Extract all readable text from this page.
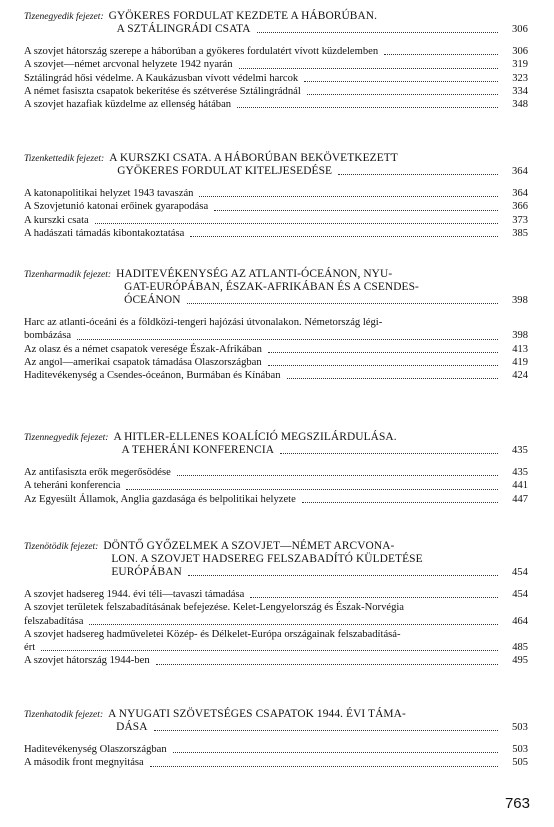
Tizenegyedik fejezet: GYÖKERES FORDULAT KEZDETE A HÁBORÚBAN.
A SZTÁLINGRÁDI CSATA	306
A szovjet hátország szerepe a háborúban a gyökeres fordulatért vívott küzdelemben	306
A szovjet—német arcvonal helyzete 1942 nyarán	319
Sztálingrád hősi védelme. A Kaukázusban vívott védelmi harcok	323
A német fasiszta csapatok bekerítése és szétverése Sztálingrádnál	334
A szovjet hazafiak küzdelme az ellenség hátában	348
Tizenkettedik fejezet: A KURSZKI CSATA. A HÁBORÚBAN BEKÖVETKEZETT
GYÖKERES FORDULAT KITELJESEDÉSE	364
A katonapolitikai helyzet 1943 tavaszán	364
A Szovjetunió katonai erőinek gyarapodása	366
A kurszki csata	373
A hadászati támadás kibontakoztatása	385
Tizenharmadik fejezet: HADITEVÉKENYSÉG AZ ATLANTI-ÓCEÁNON, NYU-
GAT-EURÓPÁBAN, ÉSZAK-AFRIKÁBAN ÉS A CSENDES-
ÓCEÁNON	398
Harc az atlanti-óceáni és a földközi-tengeri hajózási útvonalakon. Németország légi-
bombázása	398
Az olasz és a német csapatok veresége Észak-Afrikában	413
Az angol—amerikai csapatok támadása Olaszországban	419
Haditevékenység a Csendes-óceánon, Burmában és Kínában	424
Tizennegyedik fejezet: A HITLER-ELLENES KOALÍCIÓ MEGSZILÁRDULÁSA.
A TEHERÁNI KONFERENCIA	435
Az antifasiszta erők megerősödése	435
A teheráni konferencia	441
Az Egyesült Államok, Anglia gazdasága és belpolitikai helyzete	447
Tizenötödik fejezet: DÖNTŐ GYŐZELMEK A SZOVJET—NÉMET ARCVONA-
LON. A SZOVJET HADSEREG FELSZABADÍTÓ KÜLDETÉSE
EURÓPÁBAN	454
A szovjet hadsereg 1944. évi téli—tavaszi támadása	454
A szovjet területek felszabadításának befejezése. Kelet-Lengyelország és Észak-Norvégia
felszabadítása	464
A szovjet hadsereg hadműveletei Közép- és Délkelet-Európa országainak felszabadításá-
ért	485
A szovjet hátország 1944-ben	495
Tizenhatodik fejezet: A NYUGATI SZÖVETSÉGES CSAPATOK 1944. ÉVI TÁMA-
DÁSA	503
Haditevékenység Olaszországban	503
A második front megnyitása	505
763
